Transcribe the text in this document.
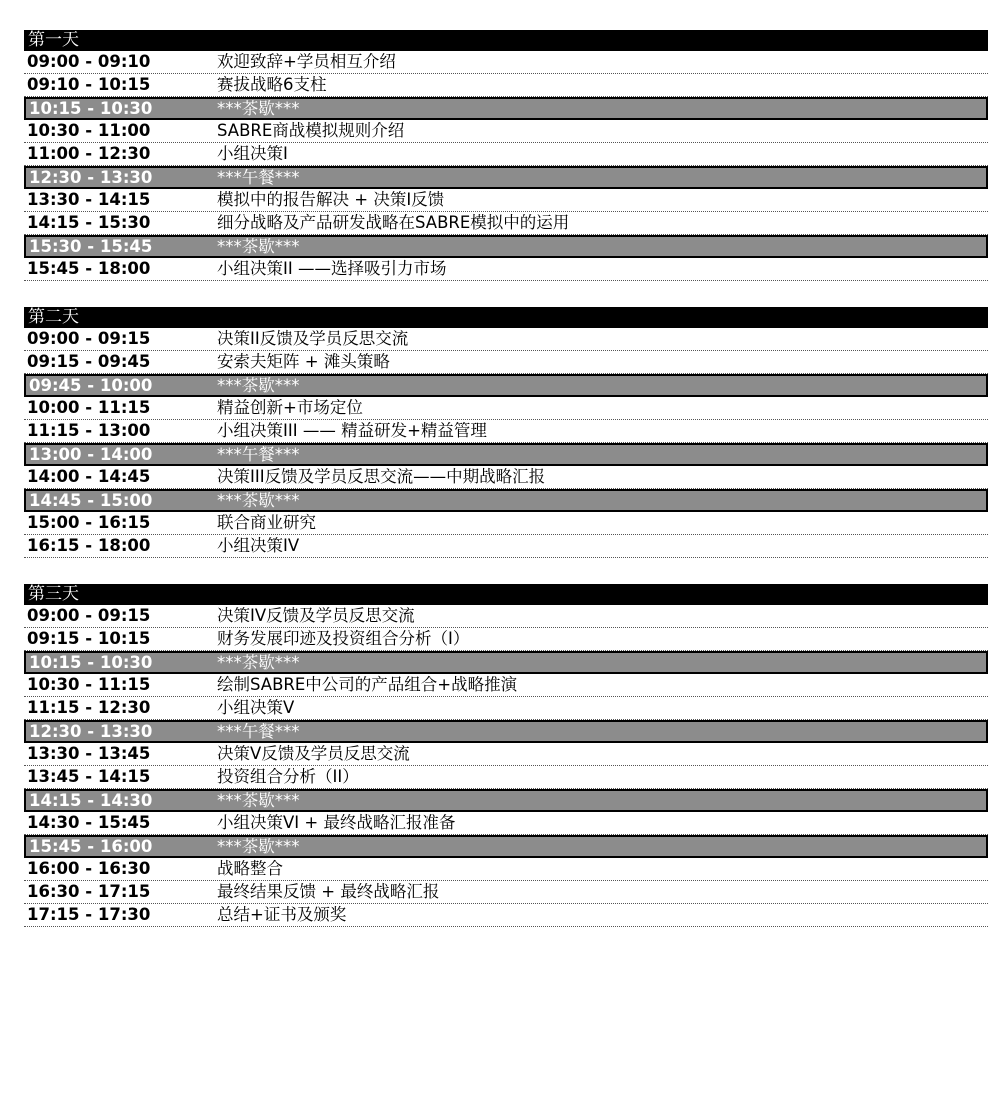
第一天
09:00 - 09:10	欢迎致辞+学员相互介绍
09:10 - 10:15	赛拔战略6支柱
10:15 - 10:30	***茶歇***
10:30 - 11:00	SABRE商战模拟规则介绍
11:00 - 12:30	小组决策I
12:30 - 13:30	***午餐***
13:30 - 14:15	模拟中的报告解决 + 决策I反馈
14:15 - 15:30	细分战略及产品研发战略在SABRE模拟中的运用
15:30 - 15:45	***茶歇***
15:45 - 18:00	小组决策II ——选择吸引力市场
第二天
09:00 - 09:15	决策II反馈及学员反思交流
09:15 - 09:45	安索夫矩阵 + 滩头策略
09:45 - 10:00	***茶歇***
10:00 - 11:15	精益创新+市场定位
11:15 - 13:00	小组决策III —— 精益研发+精益管理
13:00 - 14:00	***午餐***
14:00 - 14:45	决策III反馈及学员反思交流——中期战略汇报
14:45 - 15:00	***茶歇***
15:00 - 16:15	联合商业研究
16:15 - 18:00	小组决策IV
第三天
09:00 - 09:15	决策IV反馈及学员反思交流
09:15 - 10:15	财务发展印迹及投资组合分析（I）
10:15 - 10:30	***茶歇***
10:30 - 11:15	绘制SABRE中公司的产品组合+战略推演
11:15 - 12:30	小组决策V
12:30 - 13:30	***午餐***
13:30 - 13:45	决策V反馈及学员反思交流
13:45 - 14:15	投资组合分析（II）
14:15 - 14:30	***茶歇***
14:30 - 15:45	小组决策VI + 最终战略汇报准备
15:45 - 16:00	***茶歇***
16:00 - 16:30	战略整合
16:30 - 17:15	最终结果反馈 + 最终战略汇报
17:15 - 17:30	总结+证书及颁奖
